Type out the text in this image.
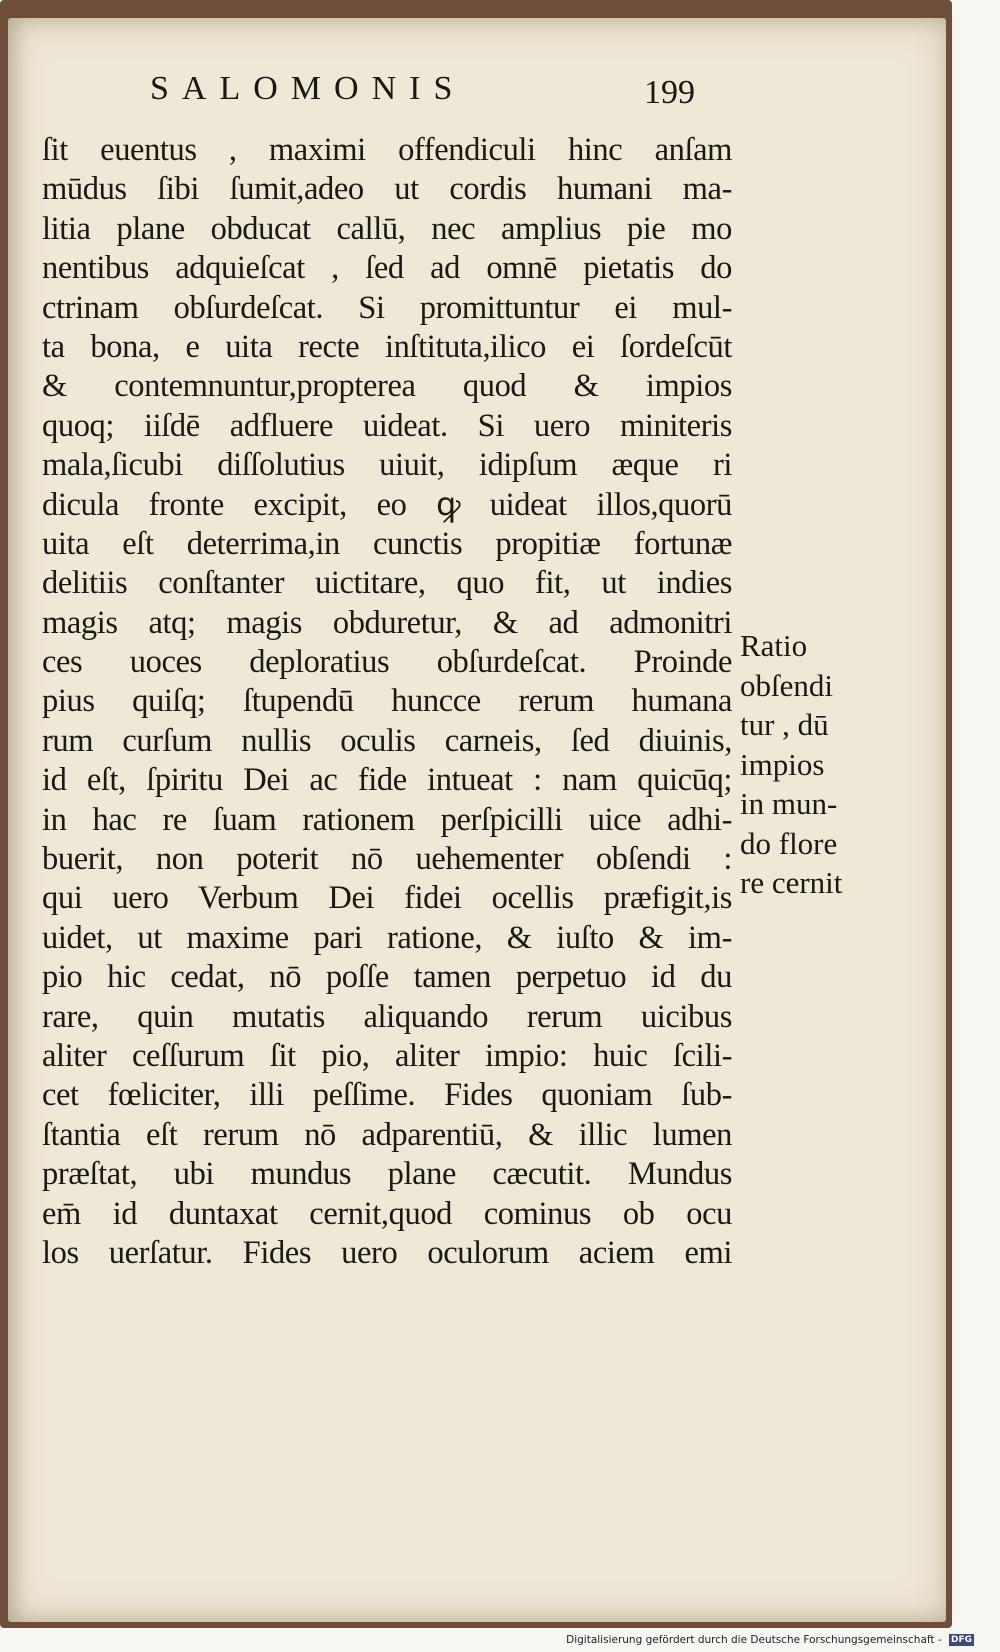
SALOMONIS	199
ſit euentus , maximi offendiculi hinc anſam
mūdus ſibi ſumit,adeo ut cordis humani ma-
litia plane obducat callū, nec amplius pie mo
nentibus adquieſcat , ſed ad omnē pietatis do
ctrinam obſurdeſcat. Si promittuntur ei mul-
ta bona, e uita recte inſtituta,ilico ei ſordeſcūt
& contemnuntur,propterea quod & impios
quoq; iiſdē adfluere uideat. Si uero miniteris
mala,ſicubi diſſolutius uiuit, idipſum æque ri
dicula fronte excipit, eo ꝙ uideat illos,quorū
uita eſt deterrima,in cunctis propitiæ fortunæ
delitiis conſtanter uictitare, quo fit, ut indies
magis atq; magis obduretur, & ad admonitri
ces uoces deploratius obſurdeſcat. Proinde
pius quiſq; ſtupendū huncce rerum humana
rum curſum nullis oculis carneis, ſed diuinis,
id eſt, ſpiritu Dei ac fide intueat : nam quicūq;
in hac re ſuam rationem perſpicilli uice adhi-
buerit, non poterit nō uehementer obſendi :
qui uero Verbum Dei fidei ocellis præfigit,is
uidet, ut maxime pari ratione, & iuſto & im-
pio hic cedat, nō poſſe tamen perpetuo id du
rare, quin mutatis aliquando rerum uicibus
aliter ceſſurum ſit pio, aliter impio: huic ſcili-
cet fœliciter, illi peſſime. Fides quoniam ſub-
ſtantia eſt rerum nō adparentiū, & illic lumen
præſtat, ubi mundus plane cæcutit. Mundus
em̄ id duntaxat cernit,quod cominus ob ocu
los uerſatur. Fides uero oculorum aciem emi
Ratio
obſendi
tur , dū
impios
in mun-
do flore
re cernit
Digitalisierung gefördert durch die Deutsche Forschungsgemeinschaft - DFG
